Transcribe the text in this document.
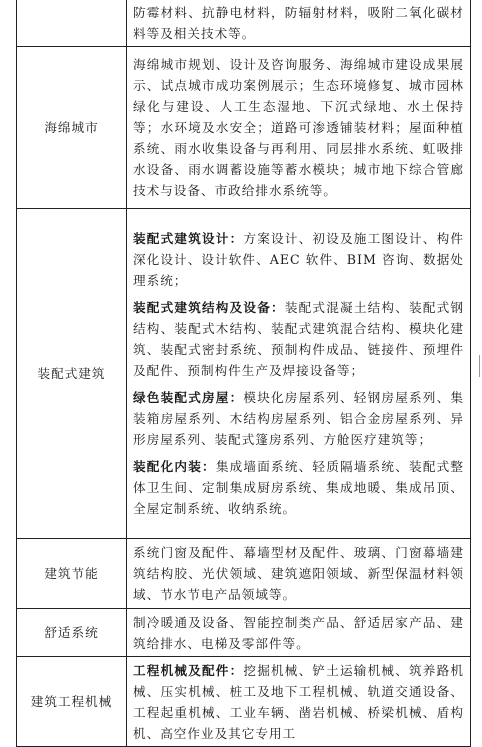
	防霉材料、抗静电材料，防辐射材料，吸附二氧化碳材料等及相关技术等。
海绵城市	海绵城市规划、设计及咨询服务、海绵城市建设成果展示、试点城市成功案例展示；生态环境修复、城市园林绿化与建设、人工生态湿地、下沉式绿地、水土保持等；水环境及水安全；道路可渗透铺装材料；屋面种植系统、雨水收集设备与再利用、同层排水系统、虹吸排水设备、雨水调蓄设施等蓄水模块；城市地下综合管廊技术与设备、市政给排水系统等。
装配式建筑	装配式建筑设计：方案设计、初设及施工图设计、构件深化设计、设计软件、AEC 软件、BIM 咨询、数据处理系统；
装配式建筑结构及设备：装配式混凝土结构、装配式钢结构、装配式木结构、装配式建筑混合结构、模块化建筑、装配式密封系统、预制构件成品、链接件、预埋件及配件、预制构件生产及焊接设备等；
绿色装配式房屋：模块化房屋系列、轻钢房屋系列、集装箱房屋系列、木结构房屋系列、铝合金房屋系列、异形房屋系列、装配式篷房系列、方舱医疗建筑等；
装配化内装：集成墙面系统、轻质隔墙系统、装配式整体卫生间、定制集成厨房系统、集成地暖、集成吊顶、全屋定制系统、收纳系统。

建筑节能	系统门窗及配件、幕墙型材及配件、玻璃、门窗幕墙建筑结构胶、光伏领域、建筑遮阳领域、新型保温材料领域、节水节电产品领域等。
舒适系统	制冷暖通及设备、智能控制类产品、舒适居家产品、建筑给排水、电梯及零部件等。
建筑工程机械	工程机械及配件：挖掘机械、铲土运输机械、筑养路机械、压实机械、桩工及地下工程机械、轨道交通设备、工程起重机械、工业车辆、凿岩机械、桥梁机械、盾构机、高空作业及其它专用工
